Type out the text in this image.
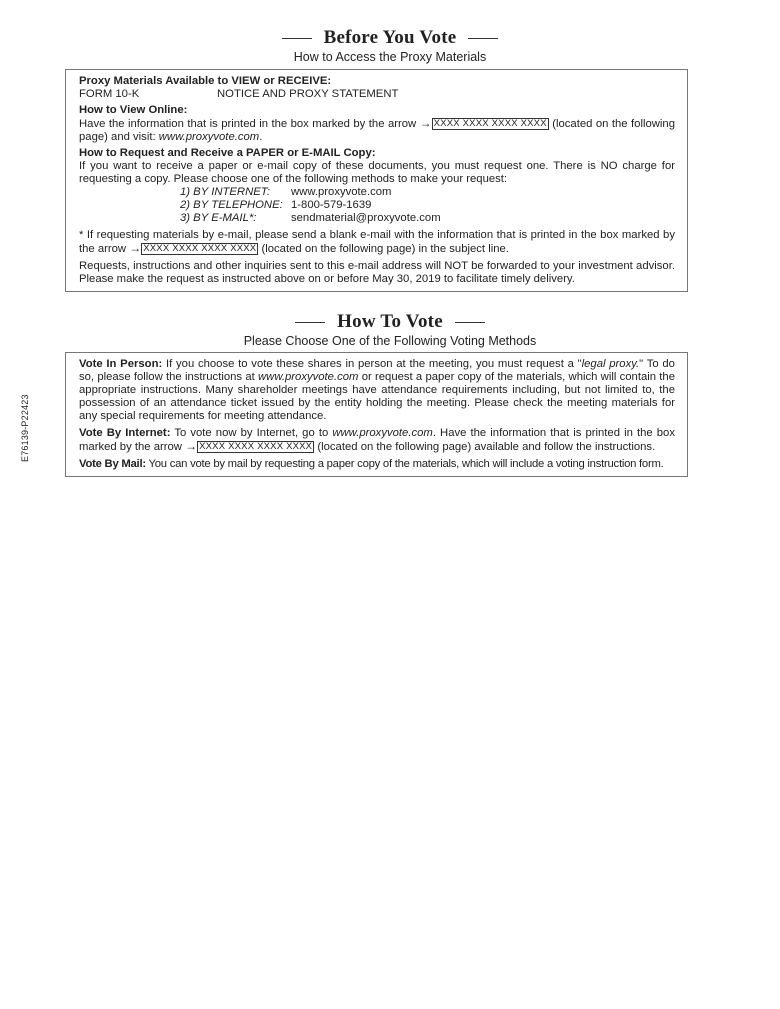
Before You Vote
How to Access the Proxy Materials

Proxy Materials Available to VIEW or RECEIVE:

FORM 10-K	NOTICE AND PROXY STATEMENT

How to View Online:

Have the information that is printed in the box marked by the arrow → XXXX XXXX XXXX XXXX (located on the following page) and visit: www.proxyvote.com.

How to Request and Receive a PAPER or E-MAIL Copy:

If you want to receive a paper or e-mail copy of these documents, you must request one. There is NO charge for requesting a copy. Please choose one of the following methods to make your request:

1) BY INTERNET:	www.proxyvote.com
2) BY TELEPHONE: 1-800-579-1639
3) BY E-MAIL*:	sendmaterial@proxyvote.com

* If requesting materials by e-mail, please send a blank e-mail with the information that is printed in the box marked by the arrow → XXXX XXXX XXXX XXXX (located on the following page) in the subject line.

Requests, instructions and other inquiries sent to this e-mail address will NOT be forwarded to your investment advisor. Please make the request as instructed above on or before May 30, 2019 to facilitate timely delivery.

How To Vote
Please Choose One of the Following Voting Methods

Vote In Person: If you choose to vote these shares in person at the meeting, you must request a "legal proxy." To do so, please follow the instructions at www.proxyvote.com or request a paper copy of the materials, which will contain the appropriate instructions. Many shareholder meetings have attendance requirements including, but not limited to, the possession of an attendance ticket issued by the entity holding the meeting. Please check the meeting materials for any special requirements for meeting attendance.

Vote By Internet: To vote now by Internet, go to www.proxyvote.com. Have the information that is printed in the box marked by the arrow → XXXX XXXX XXXX XXXX (located on the following page) available and follow the instructions.

Vote By Mail: You can vote by mail by requesting a paper copy of the materials, which will include a voting instruction form.

E76139-P22423
